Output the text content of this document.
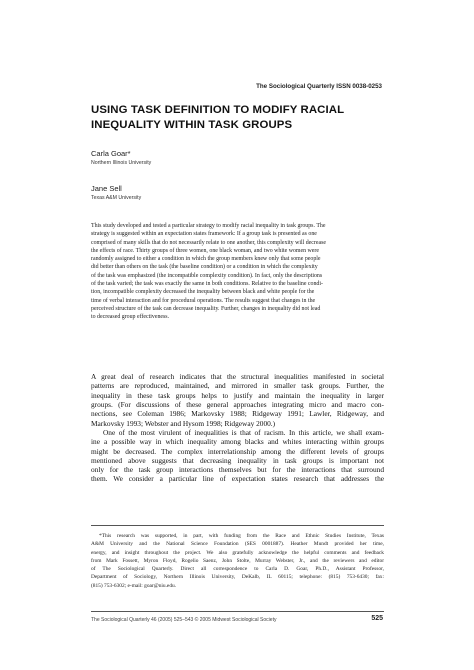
The Sociological Quarterly ISSN 0038-0253
USING TASK DEFINITION TO MODIFY RACIAL
INEQUALITY WITHIN TASK GROUPS
Carla Goar*
Northern Illinois University
Jane Sell
Texas A&M University
This study developed and tested a particular strategy to modify racial inequality in task groups. The
strategy is suggested within an expectation states framework: If a group task is presented as one
comprised of many skills that do not necessarily relate to one another, this complexity will decrease
the effects of race. Thirty groups of three women, one black woman, and two white women were
randomly assigned to either a condition in which the group members knew only that some people
did better than others on the task (the baseline condition) or a condition in which the complexity
of the task was emphasized (the incompatible complexity condition). In fact, only the descriptions
of the task varied; the task was exactly the same in both conditions. Relative to the baseline condi-
tion, incompatible complexity decreased the inequality between black and white people for the
time of verbal interaction and for procedural operations. The results suggest that changes in the
perceived structure of the task can decrease inequality. Further, changes in inequality did not lead
to decreased group effectiveness.
A great deal of research indicates that the structural inequalities manifested in societal
patterns are reproduced, maintained, and mirrored in smaller task groups. Further, the
inequality in these task groups helps to justify and maintain the inequality in larger
groups. (For discussions of these general approaches integrating micro and macro con-
nections, see Coleman 1986; Markovsky 1988; Ridgeway 1991; Lawler, Ridgeway, and
Markovsky 1993; Webster and Hysom 1998; Ridgeway 2000.)
One of the most virulent of inequalities is that of racism. In this article, we shall exam-
ine a possible way in which inequality among blacks and whites interacting within groups
might be decreased. The complex interrelationship among the different levels of groups
mentioned above suggests that decreasing inequality in task groups is important not
only for the task group interactions themselves but for the interactions that surround
them. We consider a particular line of expectation states research that addresses the
*This research was supported, in part, with funding from the Race and Ethnic Studies Institute, Texas
A&M University and the National Science Foundation (SES 0001887). Heather Mundt provided her time,
energy, and insight throughout the project. We also gratefully acknowledge the helpful comments and feedback
from Mark Fossett, Myron Floyd, Rogelio Saenz, John Stolte, Murray Webster, Jr., and the reviewers and editor
of The Sociological Quarterly. Direct all correspondence to Carla D. Goar, Ph.D., Assistant Professor,
Department of Sociology, Northern Illinois University, DeKalb, IL 60115; telephone: (815) 753-6430; fax:
(815) 753-6302; e-mail: goar@niu.edu.
The Sociological Quarterly 46 (2005) 525–543 © 2005 Midwest Sociological Society	525
